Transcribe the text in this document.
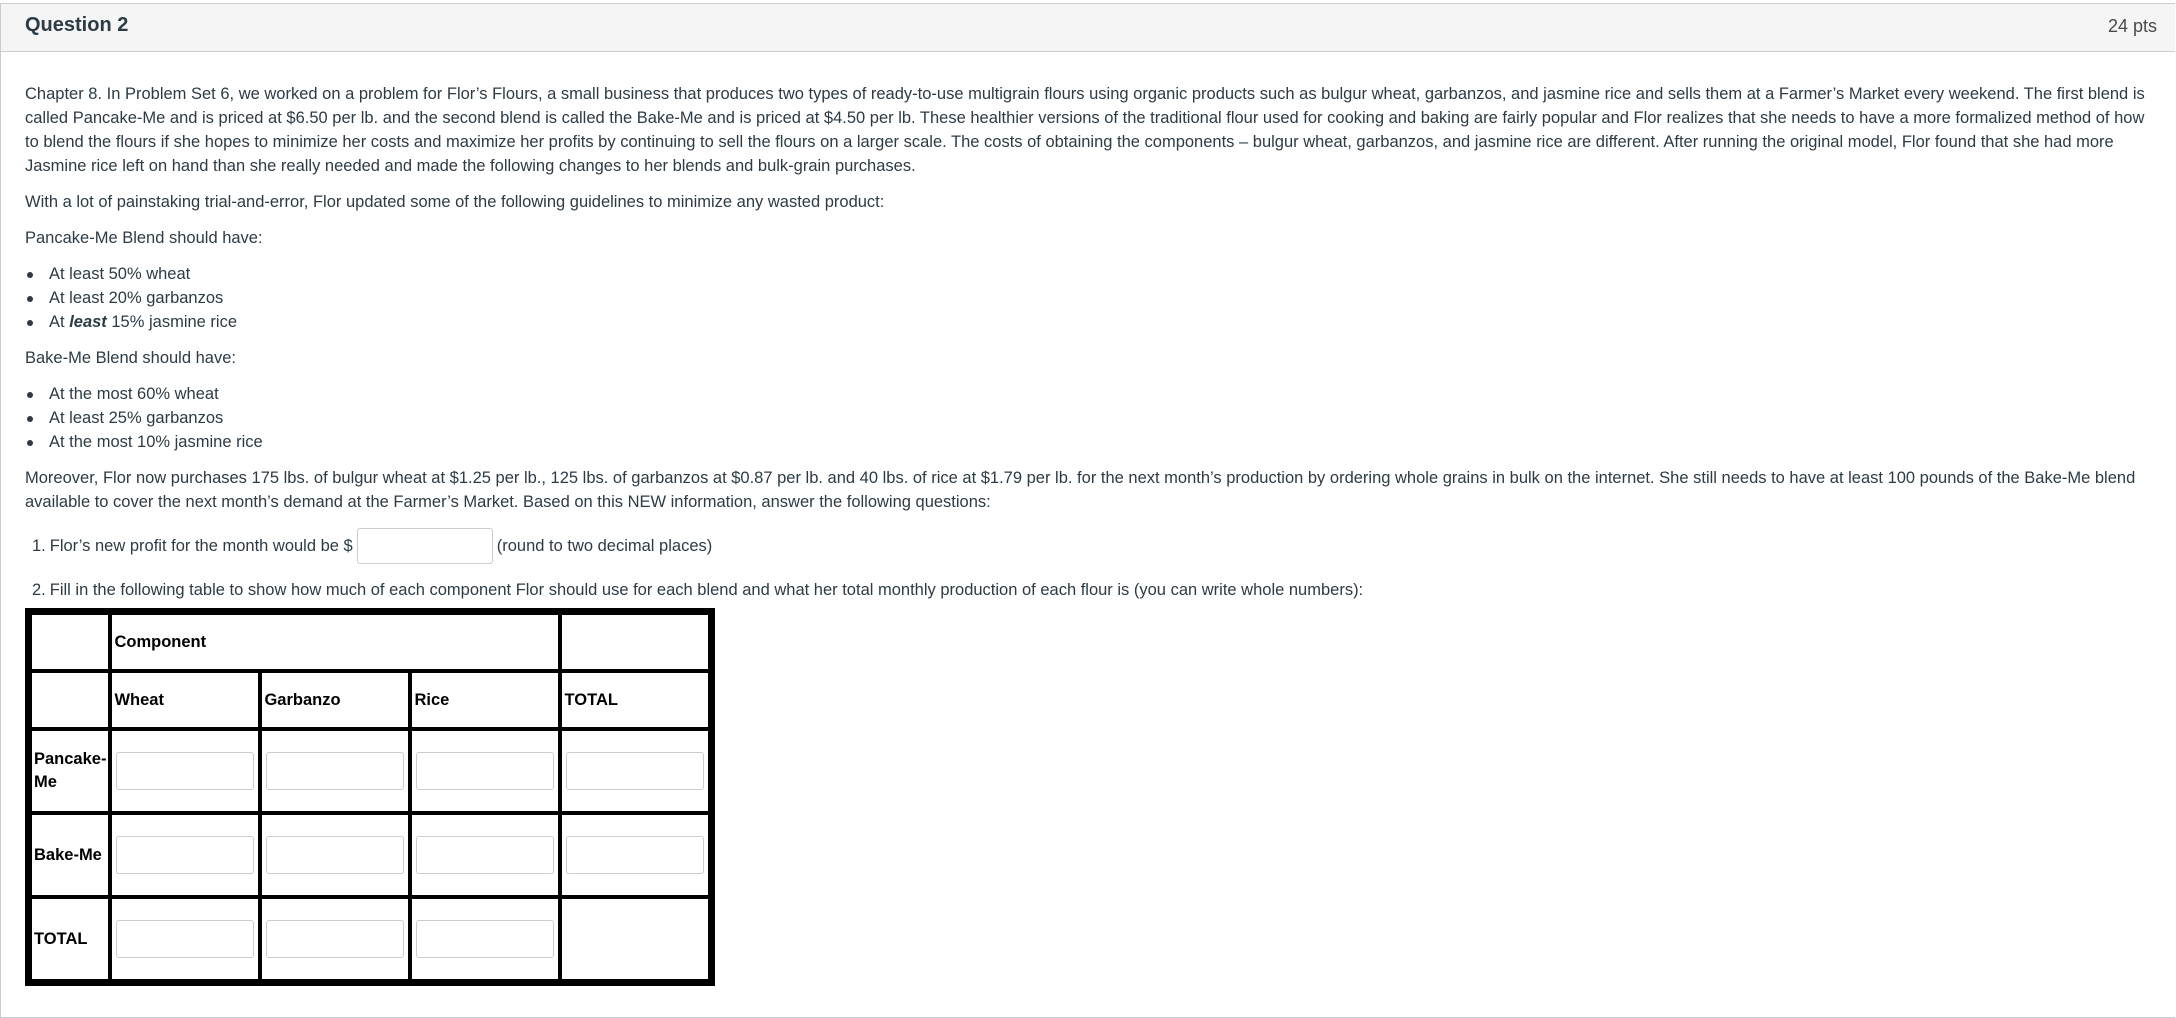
Question 2	24 pts

Chapter 8. In Problem Set 6, we worked on a problem for Flor’s Flours, a small business that produces two types of ready-to-use multigrain flours using organic products such as bulgur wheat, garbanzos, and jasmine rice and sells them at a Farmer’s Market every weekend. The first blend is called Pancake-Me and is priced at $6.50 per lb. and the second blend is called the Bake-Me and is priced at $4.50 per lb. These healthier versions of the traditional flour used for cooking and baking are fairly popular and Flor realizes that she needs to have a more formalized method of how to blend the flours if she hopes to minimize her costs and maximize her profits by continuing to sell the flours on a larger scale. The costs of obtaining the components – bulgur wheat, garbanzos, and jasmine rice are different. After running the original model, Flor found that she had more Jasmine rice left on hand than she really needed and made the following changes to her blends and bulk-grain purchases.

With a lot of painstaking trial-and-error, Flor updated some of the following guidelines to minimize any wasted product:

Pancake-Me Blend should have:

At least 50% wheat
At least 20% garbanzos
At least 15% jasmine rice

Bake-Me Blend should have:

At the most 60% wheat
At least 25% garbanzos
At the most 10% jasmine rice

Moreover, Flor now purchases 175 lbs. of bulgur wheat at $1.25 per lb., 125 lbs. of garbanzos at $0.87 per lb. and 40 lbs. of rice at $1.79 per lb. for the next month’s production by ordering whole grains in bulk on the internet. She still needs to have at least 100 pounds of the Bake-Me blend available to cover the next month’s demand at the Farmer’s Market. Based on this NEW information, answer the following questions:

1. Flor’s new profit for the month would be $	(round to two decimal places)
2. Fill in the following table to show how much of each component Flor should use for each blend and what her total monthly production of each flour is (you can write whole numbers):
	Component			
	Wheat	Garbanzo	Rice	TOTAL
Pancake-Me	

Bake-Me	

TOTAL	
